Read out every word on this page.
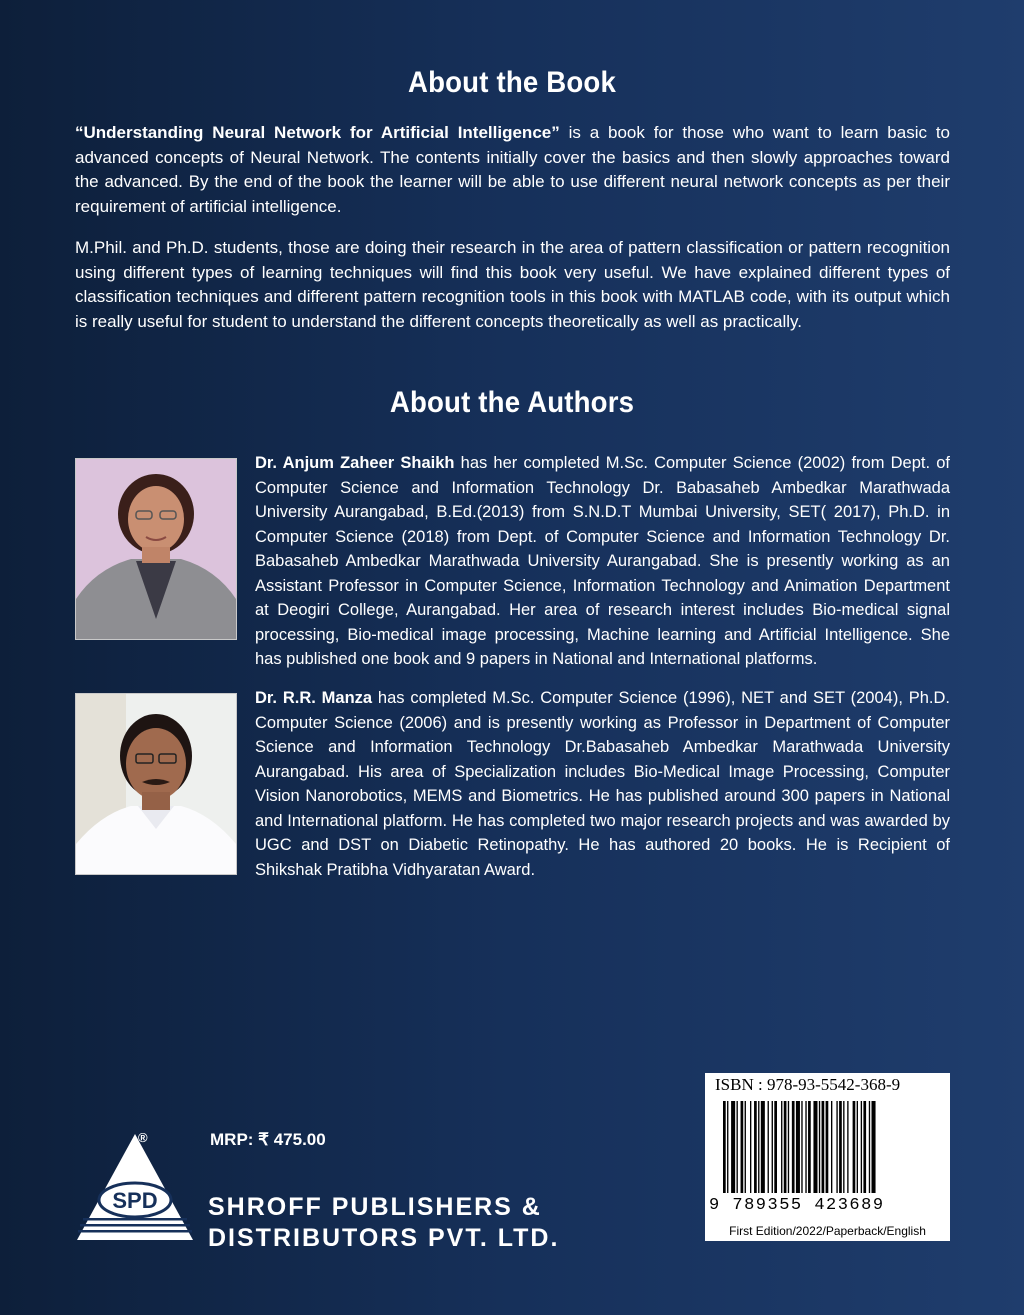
About the Book
“Understanding Neural Network for Artificial Intelligence” is a book for those who want to learn basic to advanced concepts of Neural Network. The contents initially cover the basics and then slowly approaches toward the advanced. By the end of the book the learner will be able to use different neural network concepts as per their requirement of artificial intelligence.
M.Phil. and Ph.D. students, those are doing their research in the area of pattern classification or pattern recognition using different types of learning techniques will find this book very useful. We have explained different types of classification techniques and different pattern recognition tools in this book with MATLAB code, with its output which is really useful for student to understand the different concepts theoretically as well as practically.
About the Authors
Dr. Anjum Zaheer Shaikh has her completed M.Sc. Computer Science (2002) from Dept. of Computer Science and Information Technology Dr. Babasaheb Ambedkar Marathwada University Aurangabad, B.Ed.(2013) from S.N.D.T Mumbai University, SET( 2017), Ph.D. in Computer Science (2018) from Dept. of Computer Science and Information Technology Dr. Babasaheb Ambedkar Marathwada University Aurangabad. She is presently working as an Assistant Professor in Computer Science, Information Technology and Animation Department at Deogiri College, Aurangabad. Her area of research interest includes Bio-medical signal processing, Bio-medical image processing, Machine learning and Artificial Intelligence. She has published one book and 9 papers in National and International platforms.
Dr. R.R. Manza has completed M.Sc. Computer Science (1996), NET and SET (2004), Ph.D. Computer Science (2006) and is presently working as Professor in Department of Computer Science and Information Technology Dr.Babasaheb Ambedkar Marathwada University Aurangabad. His area of Specialization includes Bio-Medical Image Processing, Computer Vision Nanorobotics, MEMS and Biometrics. He has published around 300 papers in National and International platform. He has completed two major research projects and was awarded by UGC and DST on Diabetic Retinopathy. He has authored 20 books. He is Recipient of Shikshak Pratibha Vidhyaratan Award.
SPD
®	MRP: ₹ 475.00
SHROFF PUBLISHERS &
DISTRIBUTORS PVT. LTD.
ISBN : 978-93-5542-368-9
9 789355 423689
First Edition/2022/Paperback/English
